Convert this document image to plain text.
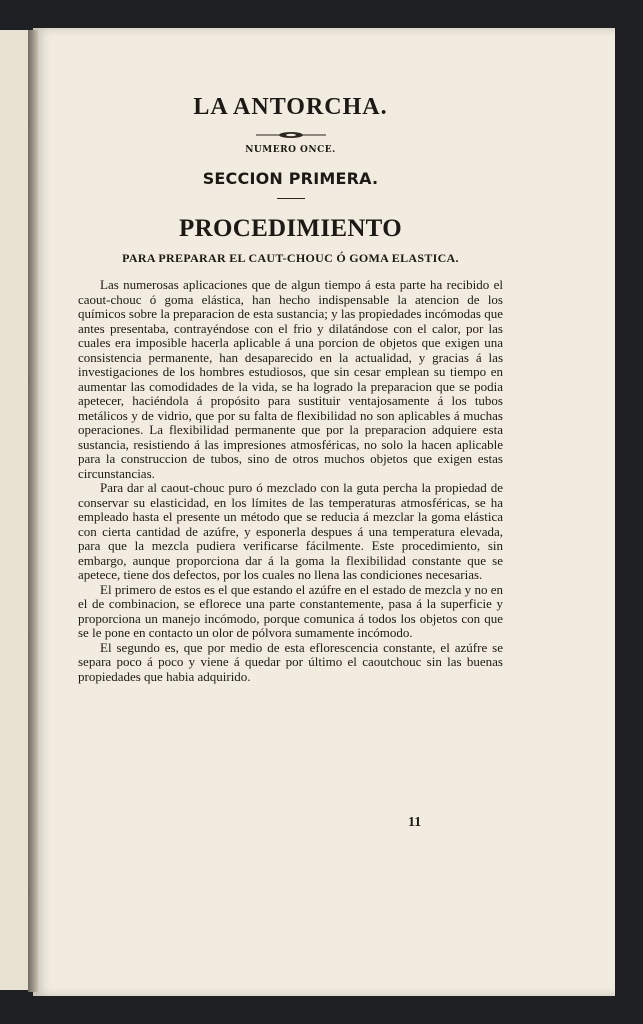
LA ANTORCHA.
NUMERO ONCE.
SECCION PRIMERA.
PROCEDIMIENTO
PARA PREPARAR EL CAUT-CHOUC Ó GOMA ELASTICA.

Las numerosas aplicaciones que de algun tiempo á esta parte ha recibido el caout-chouc ó goma elástica, han hecho indispensable la atencion de los químicos sobre la preparacion de esta sustancia; y las propiedades incómodas que antes presentaba, contrayéndose con el frio y dilatándose con el calor, por las cuales era imposible hacerla aplicable á una porcion de objetos que exigen una consistencia permanente, han desaparecido en la actualidad, y gracias á las investigaciones de los hombres estudiosos, que sin cesar emplean su tiempo en aumentar las comodidades de la vida, se ha logrado la preparacion que se podia apetecer, haciéndola á propósito para sustituir ventajosamente á los tubos metálicos y de vidrio, que por su falta de flexibilidad no son aplicables á muchas operaciones. La flexibilidad permanente que por la preparacion adquiere esta sustancia, resistiendo á las impresiones atmosféricas, no solo la hacen aplicable para la construccion de tubos, sino de otros muchos objetos que exigen estas circunstancias.

Para dar al caout-chouc puro ó mezclado con la guta percha la propiedad de conservar su elasticidad, en los límites de las temperaturas atmosféricas, se ha empleado hasta el presente un método que se reducia á mezclar la goma elástica con cierta cantidad de azúfre, y esponerla despues á una temperatura elevada, para que la mezcla pudiera verificarse fácilmente. Este procedimiento, sin embargo, aunque proporciona dar á la goma la flexibilidad constante que se apetece, tiene dos defectos, por los cuales no llena las condiciones necesarias.

El primero de estos es el que estando el azúfre en el estado de mezcla y no en el de combinacion, se eflorece una parte constantemente, pasa á la superficie y proporciona un manejo incómodo, porque comunica á todos los objetos con que se le pone en contacto un olor de pólvora sumamente incómodo.

El segundo es, que por medio de esta eflorescencia constante, el azúfre se separa poco á poco y viene á quedar por último el caoutchouc sin las buenas propiedades que habia adquirido.

11
